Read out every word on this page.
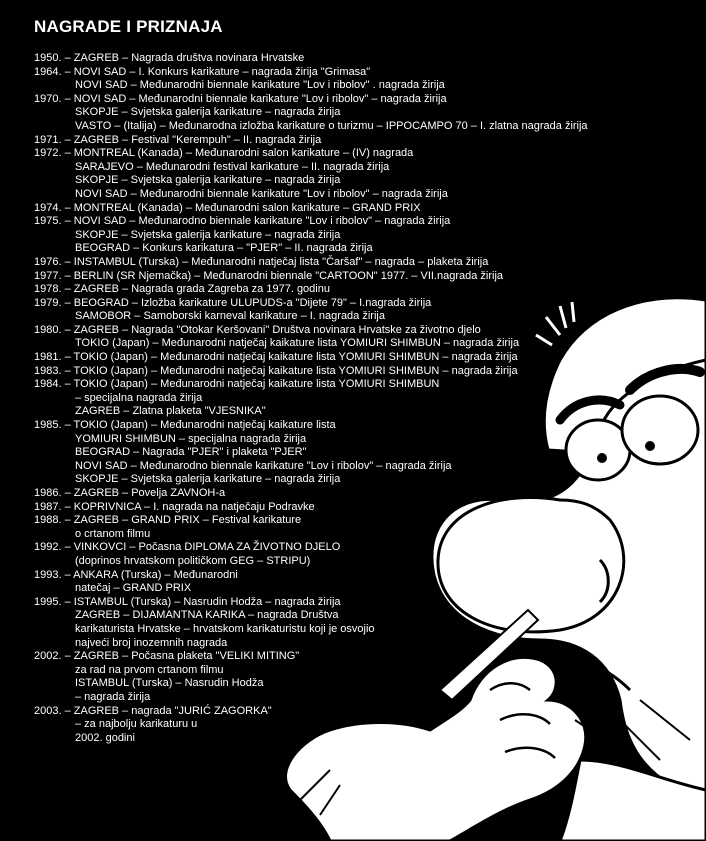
NAGRADE I PRIZNAJA
1950. – ZAGREB – Nagrada društva novinara Hrvatske
1964. – NOVI SAD – I. Konkurs karikature – nagrada žirija "Grimasa"
NOVI SAD – Međunarodni biennale karikature "Lov i ribolov" . nagrada žirija
1970. – NOVI SAD – Međunarodni biennale karikature "Lov i ribolov" – nagrada žirija
SKOPJE – Svjetska galerija karikature – nagrada žirija
VASTO – (Italija) – Međunarodna izložba karikature o turizmu – IPPOCAMPO 70 – I. zlatna nagrada žirija
1971. – ZAGREB – Festival "Kerempuh" – II. nagrada žirija
1972. – MONTREAL (Kanada) – Međunarodni salon karikature – (IV) nagrada
SARAJEVO – Međunarodni festival karikature – II. nagrada žirija
SKOPJE – Svjetska galerija karikature – nagrada žirija
NOVI SAD – Međunarodni biennale karikature "Lov i ribolov" – nagrada žirija
1974. – MONTREAL (Kanada) – Međunarodni salon karikature – GRAND PRIX
1975. – NOVI SAD – Međunarodno biennale karikature "Lov i ribolov" – nagrada žirija
SKOPJE – Svjetska galerija karikature – nagrada žirija
BEOGRAD – Konkurs karikatura – "PJER" – II. nagrada žirija
1976. – INSTAMBUL (Turska) – Međunarodni natječaj lista "Čaršaf" – nagrada – plaketa žirija
1977. – BERLIN (SR Njemačka) – Međunarodni biennale "CARTOON" 1977. – VII.nagrada žirija
1978. – ZAGREB – Nagrada grada Zagreba za 1977. godinu
1979. – BEOGRAD – Izložba karikature ULUPUDS-a "Dijete 79" – I.nagrada žirija
SAMOBOR – Samoborski karneval karikature – I. nagrada žirija
1980. – ZAGREB – Nagrada "Otokar Keršovani" Društva novinara Hrvatske za životno djelo
TOKIO (Japan) – Međunarodni natječaj kaikature lista YOMIURI SHIMBUN – nagrada žirija
1981. – TOKIO (Japan) – Međunarodni natječaj kaikature lista YOMIURI SHIMBUN – nagrada žirija
1983. – TOKIO (Japan) – Međunarodni natječaj kaikature lista YOMIURI SHIMBUN – nagrada žirija
1984. – TOKIO (Japan) – Međunarodni natječaj kaikature lista YOMIURI SHIMBUN
– specijalna nagrada žirija
ZAGREB – Zlatna plaketa "VJESNIKA"
1985. – TOKIO (Japan) – Međunarodni natječaj kaikature lista
YOMIURI SHIMBUN – specijalna nagrada žirija
BEOGRAD – Nagrada "PJER" i plaketa "PJER"
NOVI SAD – Međunarodno biennale karikature "Lov i ribolov" – nagrada žirija
SKOPJE – Svjetska galerija karikature – nagrada žirija
1986. – ZAGREB – Povelja ZAVNOH-a
1987. – KOPRIVNICA – I. nagrada na natječaju Podravke
1988. – ZAGREB – GRAND PRIX – Festival karikature
o crtanom filmu
1992. – VINKOVCI – Počasna DIPLOMA ZA ŽIVOTNO DJELO
(doprinos hrvatskom političkom GEG – STRIPU)
1993. – ANKARA (Turska) – Međunarodni
natečaj – GRAND PRIX
1995. – ISTAMBUL (Turska) – Nasrudin Hodža – nagrada žirija
ZAGREB – DIJAMANTNA KARIKA – nagrada Društva
karikaturista Hrvatske – hrvatskom karikaturistu koji je osvojio
najveći broj inozemnih nagrada
2002. – ZAGREB – Počasna plaketa "VELIKI MITING"
za rad na prvom crtanom filmu
ISTAMBUL (Turska) – Nasrudin Hodža
– nagrada žirija
2003. – ZAGREB – nagrada "JURIĆ ZAGORKA"
– za najbolju karikaturu u
2002. godini
